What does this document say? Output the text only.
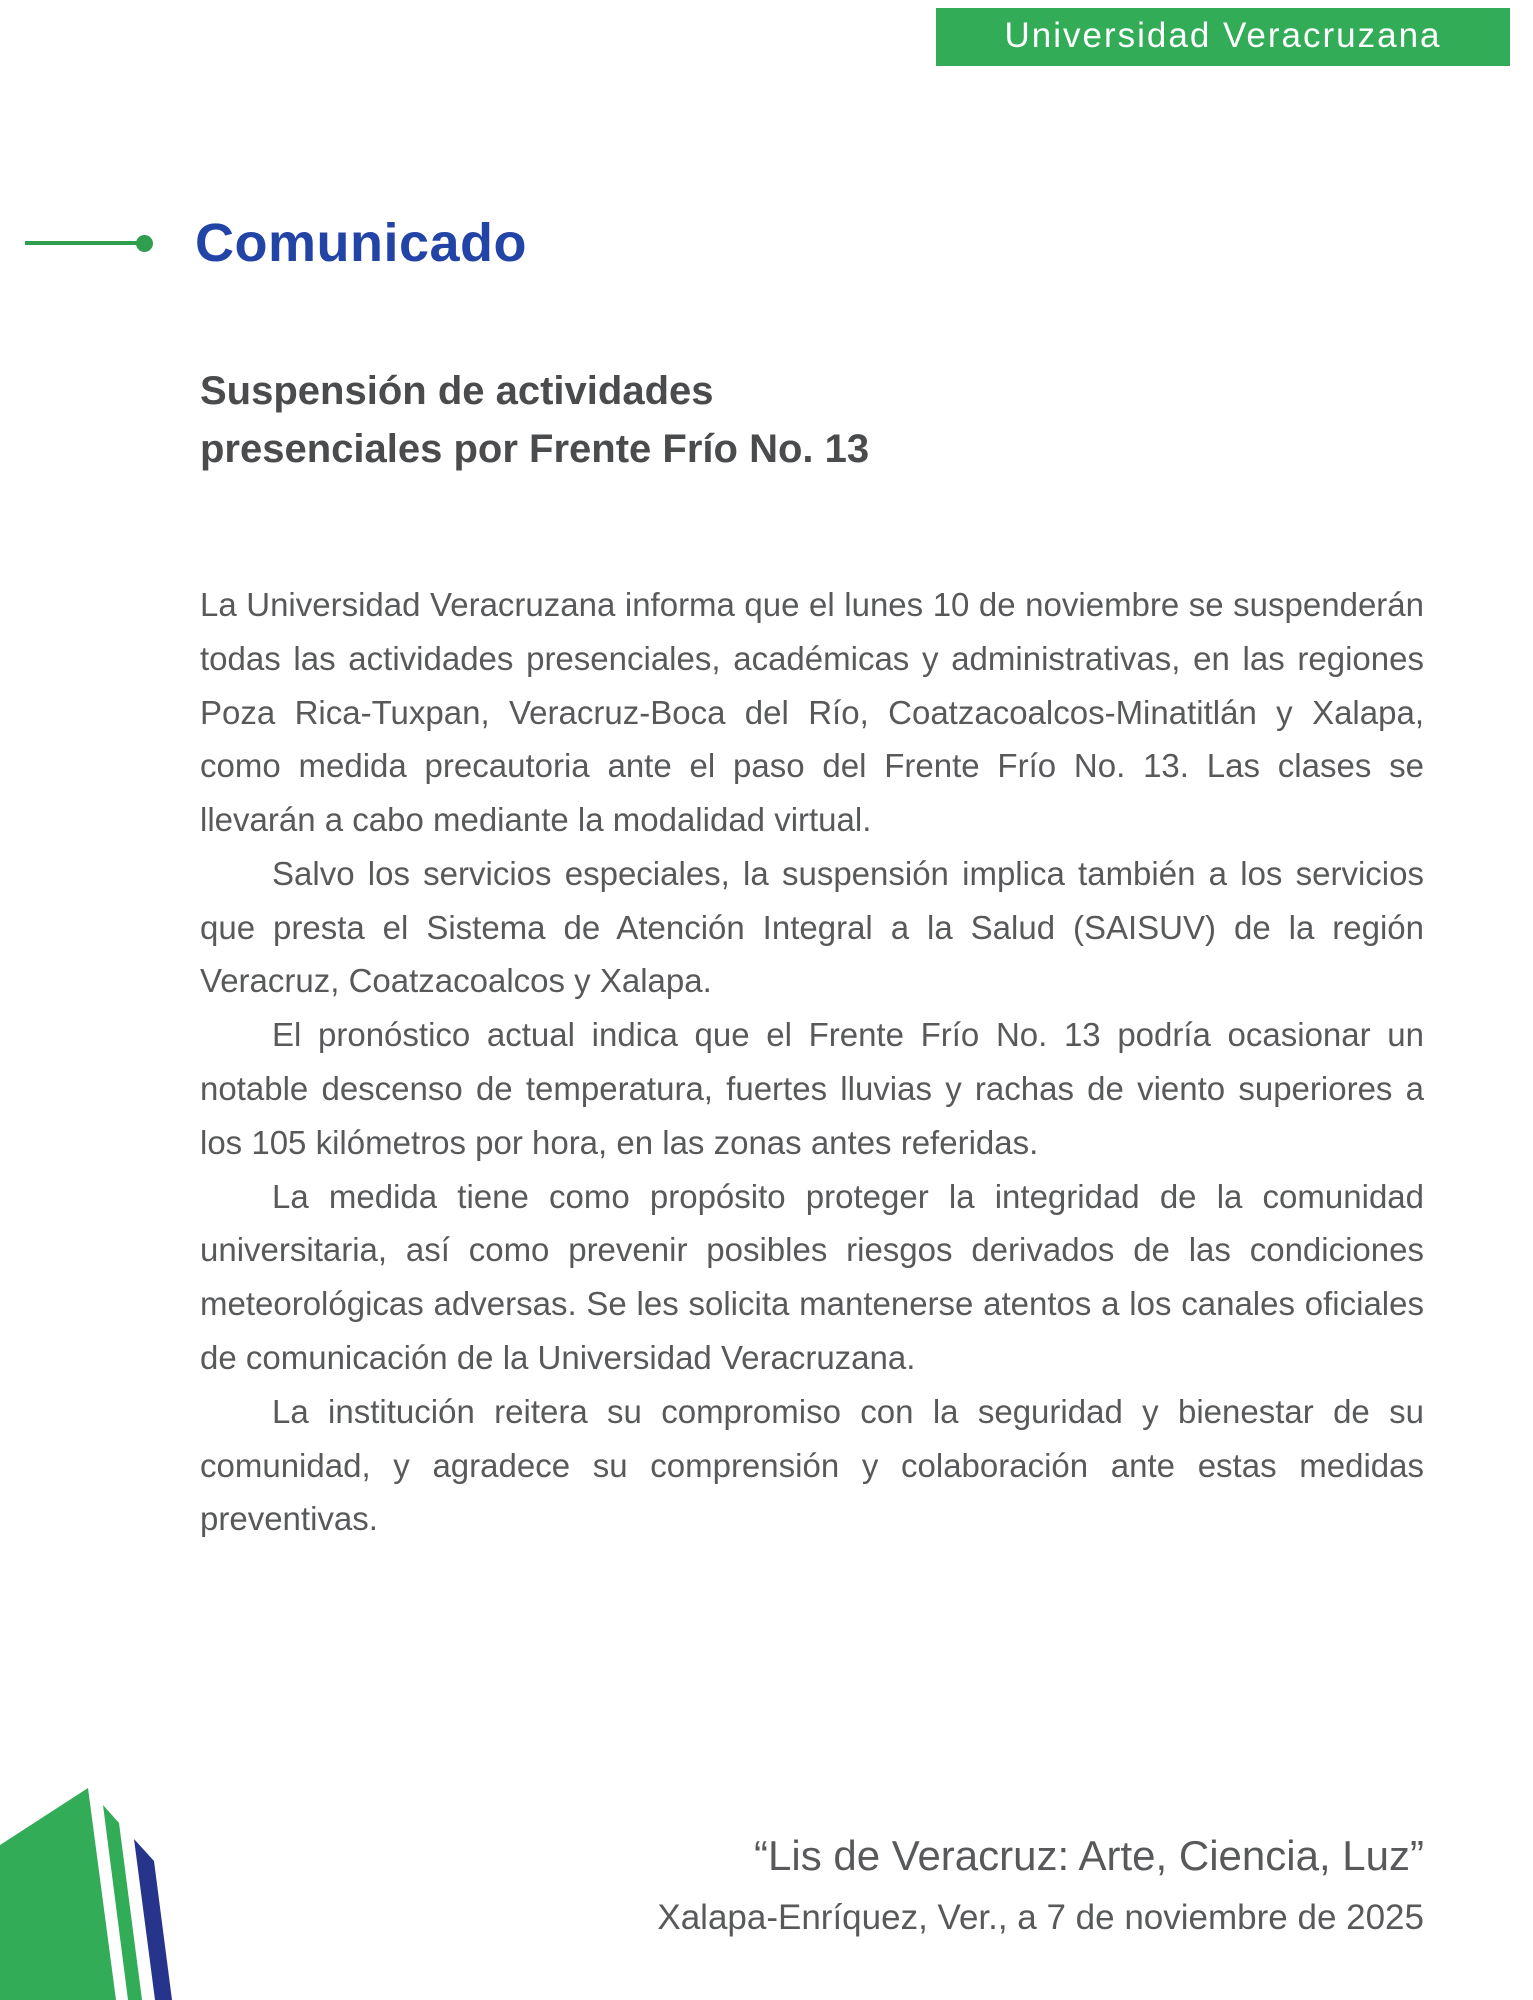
Universidad Veracruzana
Comunicado
Suspensión de actividades
presenciales por Frente Frío No. 13

La Universidad Veracruzana informa que el lunes 10 de noviembre se suspenderán todas las actividades presenciales, académicas y administrativas, en las regiones Poza Rica-Tuxpan, Veracruz-Boca del Río, Coatzacoalcos-Minatitlán y Xalapa, como medida precautoria ante el paso del Frente Frío No. 13. Las clases se llevarán a cabo mediante la modalidad virtual.

Salvo los servicios especiales, la suspensión implica también a los servicios que presta el Sistema de Atención Integral a la Salud (SAISUV) de la región Veracruz, Coatzacoalcos y Xalapa.

El pronóstico actual indica que el Frente Frío No. 13 podría ocasionar un notable descenso de temperatura, fuertes lluvias y rachas de viento superiores a los 105 kilómetros por hora, en las zonas antes referidas.

La medida tiene como propósito proteger la integridad de la comunidad universitaria, así como prevenir posibles riesgos derivados de las condiciones meteorológicas adversas. Se les solicita mantenerse atentos a los canales oficiales de comunicación de la Universidad Veracruzana.

La institución reitera su compromiso con la seguridad y bienestar de su comunidad, y agradece su comprensión y colaboración ante estas medidas preventivas.

“Lis de Veracruz: Arte, Ciencia, Luz”
Xalapa-Enríquez, Ver., a 7 de noviembre de 2025
